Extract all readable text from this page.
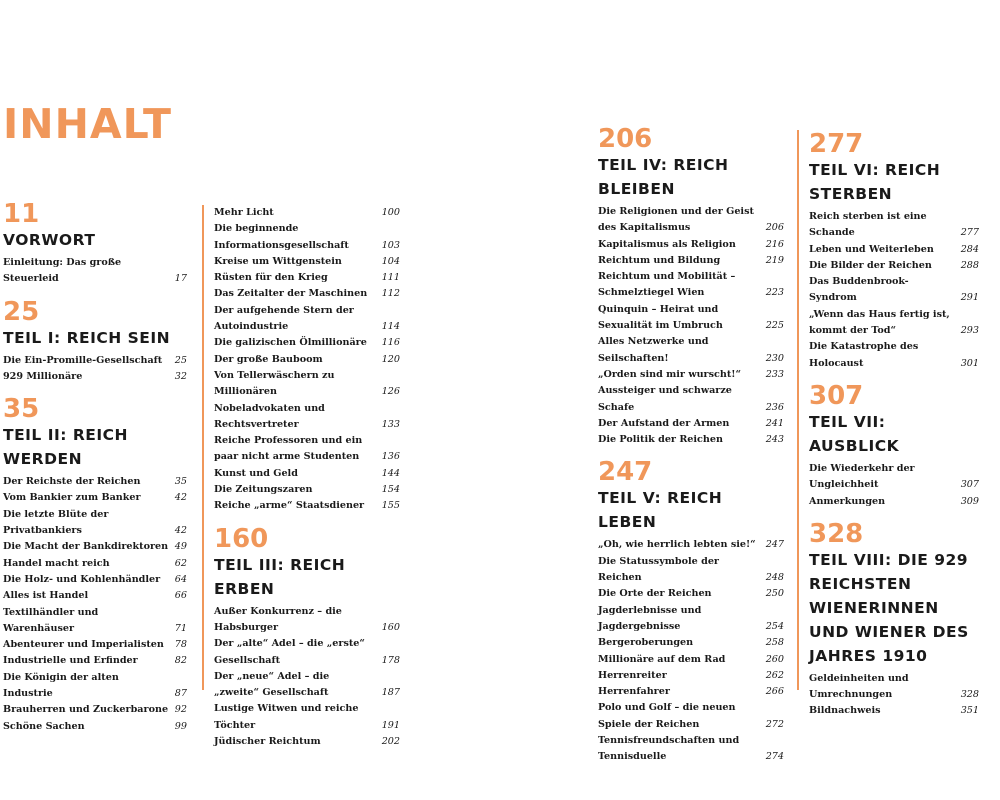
INHALT
11
VORWORT
Einleitung: Das große Steuerleid	17
25
TEIL I: REICH SEIN
Die Ein-Promille-Gesellschaft	25
929 Millionäre	32
35
TEIL II: REICH WERDEN
Der Reichste der Reichen	35
Vom Bankier zum Banker	42
Die letzte Blüte der Privatbankiers	42
Die Macht der Bankdirektoren 49
Handel macht reich	62
Die Holz- und Kohlenhändler	64
Alles ist Handel	66
Textilhändler und Warenhäuser	71
Abenteurer und Imperialisten	78
Industrielle und Erfinder	82
Die Königin der alten Industrie	87
Brauherren und Zuckerbarone 92
Schöne Sachen	99
Mehr Licht	100
Die beginnende Informationsgesellschaft	103
Kreise um Wittgenstein	104
Rüsten für den Krieg	111
Das Zeitalter der Maschinen	112
Der aufgehende Stern der Autoindustrie	114
Die galizischen Ölmillionäre	116
Der große Bauboom	120
Von Tellerwäschern zu Millionären	126
Nobeladvokaten und Rechtsvertreter	133
Reiche Professoren und ein paar nicht arme Studenten	136
Kunst und Geld	144
Die Zeitungszaren	154
Reiche „arme“ Staatsdiener	155
160
TEIL III: REICH ERBEN
Außer Konkurrenz – die Habsburger	160
Der „alte“ Adel – die „erste“ Gesellschaft	178
Der „neue“ Adel – die „zweite“ Gesellschaft	187
Lustige Witwen und reiche Töchter	191
Jüdischer Reichtum	202
206
TEIL IV: REICH BLEIBEN
Die Religionen und der Geist des Kapitalismus	206
Kapitalismus als Religion	216
Reichtum und Bildung	219
Reichtum und Mobilität – Schmelztiegel Wien	223
Quinquin – Heirat und Sexualität im Umbruch	225
Alles Netzwerke und Seilschaften!	230
„Orden sind mir wurscht!“	233
Aussteiger und schwarze Schafe	236
Der Aufstand der Armen	241
Die Politik der Reichen	243
247
TEIL V: REICH LEBEN
„Oh, wie herrlich lebten sie!“	247
Die Statussymbole der Reichen	248
Die Orte der Reichen	250
Jagderlebnisse und Jagdergebnisse	254
Bergeroberungen	258
Millionäre auf dem Rad	260
Herrenreiter	262
Herrenfahrer	266
Polo und Golf – die neuen Spiele der Reichen	272
Tennisfreundschaften und Tennisduelle	274
277
TEIL VI: REICH STERBEN
Reich sterben ist eine Schande	277
Leben und Weiterleben	284
Die Bilder der Reichen	288
Das Buddenbrook-Syndrom	291
„Wenn das Haus fertig ist, kommt der Tod“	293
Die Katastrophe des Holocaust	301
307
TEIL VII: AUSBLICK
Die Wiederkehr der Ungleichheit	307
Anmerkungen	309
328
TEIL VIII: DIE 929 REICHSTEN WIENERINNEN UND WIENER DES JAHRES 1910
Geldeinheiten und Umrechnungen	328
Bildnachweis	351
